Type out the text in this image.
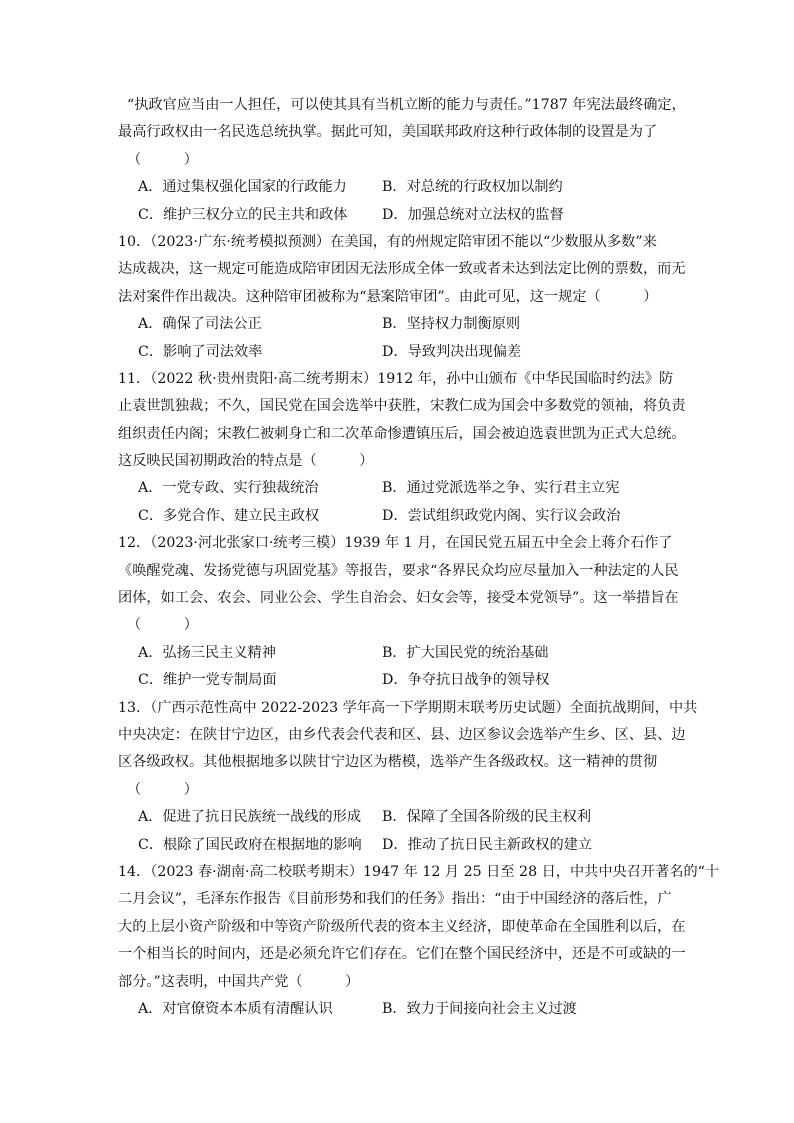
“执政官应当由一人担任，可以使其具有当机立断的能力与责任。”1787 年宪法最终确定，
最高行政权由一名民选总统执掌。据此可知，美国联邦政府这种行政体制的设置是为了
（　　　）
A．通过集权强化国家的行政能力	B．对总统的行政权加以制约
C．维护三权分立的民主共和政体	D．加强总统对立法权的监督
10．（2023·广东·统考模拟预测）在美国，有的州规定陪审团不能以“少数服从多数”来
达成裁决，这一规定可能造成陪审团因无法形成全体一致或者未达到法定比例的票数，而无
法对案件作出裁决。这种陪审团被称为“悬案陪审团”。由此可见，这一规定（　　　）
A．确保了司法公正	B．坚持权力制衡原则
C．影响了司法效率	D．导致判决出现偏差
11．（2022 秋·贵州贵阳·高二统考期末）1912 年，孙中山颁布《中华民国临时约法》防
止袁世凯独裁；不久，国民党在国会选举中获胜，宋教仁成为国会中多数党的领袖，将负责
组织责任内阁；宋教仁被刺身亡和二次革命惨遭镇压后，国会被迫选袁世凯为正式大总统。
这反映民国初期政治的特点是（　　　）
A．一党专政、实行独裁统治	B．通过党派选举之争、实行君主立宪
C．多党合作、建立民主政权	D．尝试组织政党内阁、实行议会政治
12．（2023·河北张家口·统考三模）1939 年 1 月，在国民党五届五中全会上蒋介石作了
《唤醒党魂、发扬党德与巩固党基》等报告，要求“各界民众均应尽量加入一种法定的人民
团体，如工会、农会、同业公会、学生自治会、妇女会等，接受本党领导”。这一举措旨在
（　　　）
A．弘扬三民主义精神	B．扩大国民党的统治基础
C．维护一党专制局面	D．争夺抗日战争的领导权
13．（广西示范性高中 2022-2023 学年高一下学期期末联考历史试题）全面抗战期间，中共
中央决定：在陕甘宁边区，由乡代表会代表和区、县、边区参议会选举产生乡、区、县、边
区各级政权。其他根据地多以陕甘宁边区为楷模，选举产生各级政权。这一精神的贯彻
（　　　）
A．促进了抗日民族统一战线的形成	B．保障了全国各阶级的民主权利
C．根除了国民政府在根据地的影响	D．推动了抗日民主新政权的建立
14．（2023 春·湖南·高二校联考期末）1947 年 12 月 25 日至 28 日，中共中央召开著名的“十
二月会议”，毛泽东作报告《目前形势和我们的任务》指出：“由于中国经济的落后性，广
大的上层小资产阶级和中等资产阶级所代表的资本主义经济，即使革命在全国胜利以后，在
一个相当长的时间内，还是必须允许它们存在。它们在整个国民经济中，还是不可或缺的一
部分。”这表明，中国共产党（　　　）
A．对官僚资本本质有清醒认识	B．致力于间接向社会主义过渡
